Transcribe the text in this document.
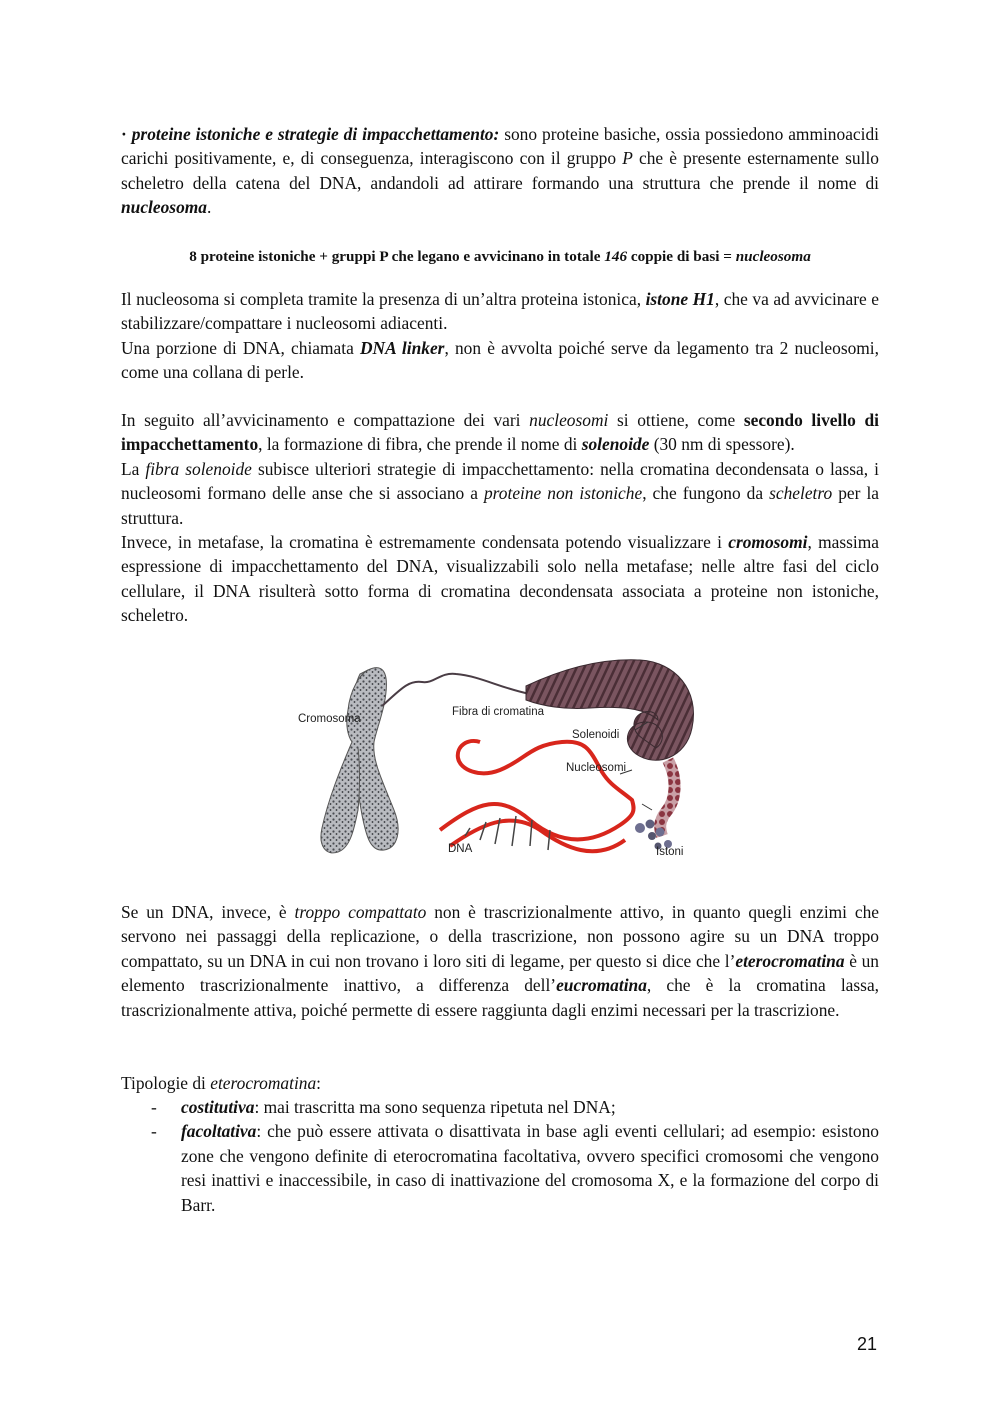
· proteine istoniche e strategie di impacchettamento: sono proteine basiche, ossia possiedono amminoacidi carichi positivamente, e, di conseguenza, interagiscono con il gruppo P che è presente esternamente sullo scheletro della catena del DNA, andandoli ad attirare formando una struttura che prende il nome di nucleosoma.

8 proteine istoniche + gruppi P che legano e avvicinano in totale 146 coppie di basi = nucleosoma

Il nucleosoma si completa tramite la presenza di un’altra proteina istonica, istone H1, che va ad avvicinare e stabilizzare/compattare i nucleosomi adiacenti.
Una porzione di DNA, chiamata DNA linker, non è avvolta poiché serve da legamento tra 2 nucleosomi, come una collana di perle.

In seguito all’avvicinamento e compattazione dei vari nucleosomi si ottiene, come secondo livello di impacchettamento, la formazione di fibra, che prende il nome di solenoide (30 nm di spessore).
La fibra solenoide subisce ulteriori strategie di impacchettamento: nella cromatina decondensata o lassa, i nucleosomi formano delle anse che si associano a proteine non istoniche, che fungono da scheletro per la struttura.
Invece, in metafase, la cromatina è estremamente condensata potendo visualizzare i cromosomi, massima espressione di impacchettamento del DNA, visualizzabili solo nella metafase; nelle altre fasi del ciclo cellulare, il DNA risulterà sotto forma di cromatina decondensata associata a proteine non istoniche, scheletro.

Cromosoma
Fibra di cromatina
Solenoidi
Nucleosomi
DNA	Istoni

Se un DNA, invece, è troppo compattato non è trascrizionalmente attivo, in quanto quegli enzimi che servono nei passaggi della replicazione, o della trascrizione, non possono agire su un DNA troppo compattato, su un DNA in cui non trovano i loro siti di legame, per questo si dice che l’eterocromatina è un elemento trascrizionalmente inattivo, a differenza dell’eucromatina, che è la cromatina lassa, trascrizionalmente attiva, poiché permette di essere raggiunta dagli enzimi necessari per la trascrizione.

Tipologie di eterocromatina:

- costitutiva: mai trascritta ma sono sequenza ripetuta nel DNA;
- facoltativa: che può essere attivata o disattivata in base agli eventi cellulari; ad esempio: esistono zone che vengono definite di eterocromatina facoltativa, ovvero specifici cromosomi che vengono resi inattivi e inaccessibile, in caso di inattivazione del cromosoma X, e la formazione del corpo di Barr.
21
